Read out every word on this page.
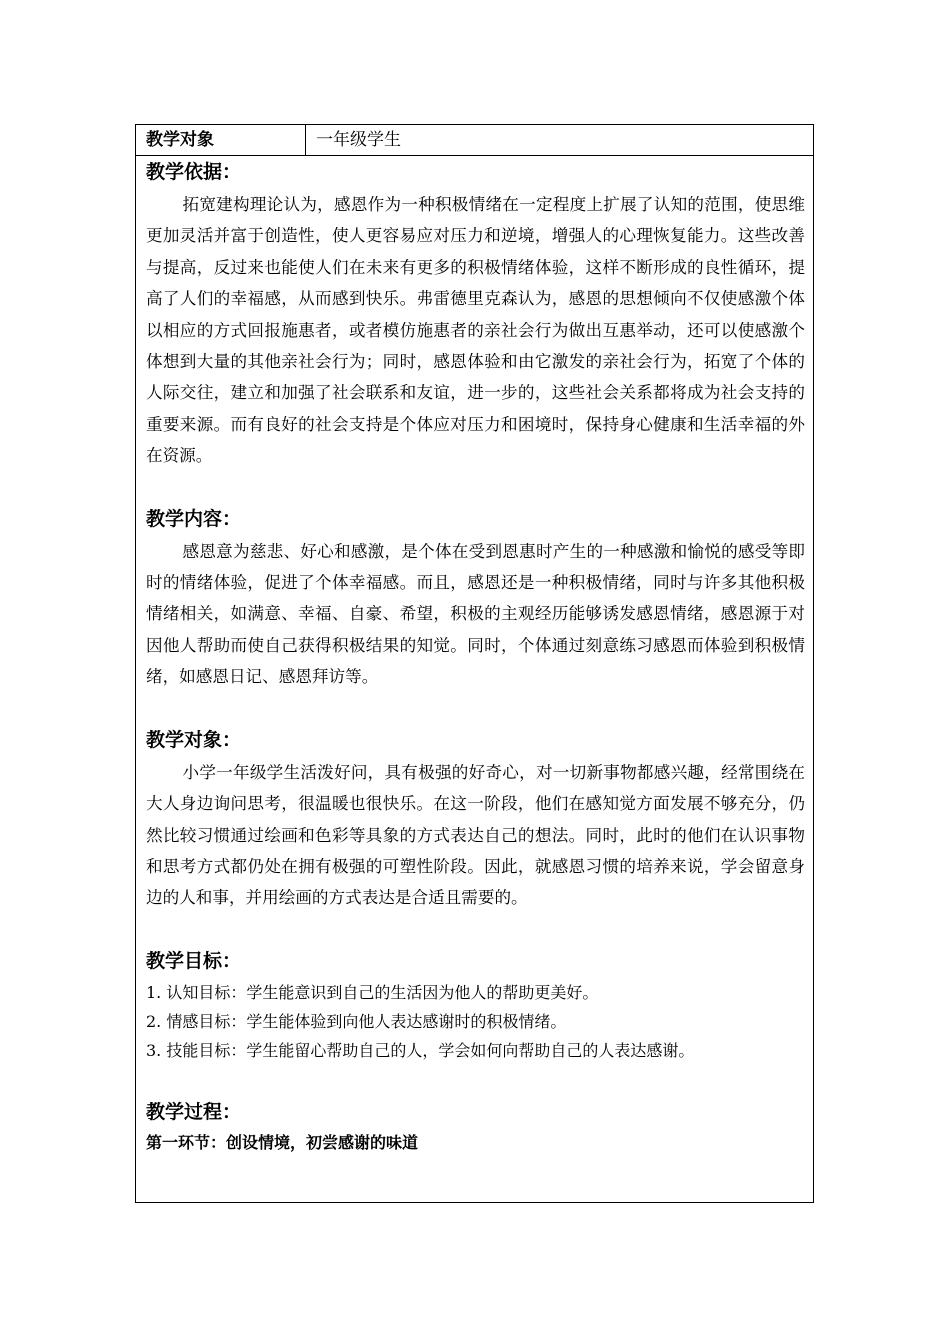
教学对象	一年级学生
教学依据：

拓宽建构理论认为，感恩作为一种积极情绪在一定程度上扩展了认知的范围，使思维更加灵活并富于创造性，使人更容易应对压力和逆境，增强人的心理恢复能力。这些改善与提高，反过来也能使人们在未来有更多的积极情绪体验，这样不断形成的良性循环，提高了人们的幸福感，从而感到快乐。弗雷德里克森认为，感恩的思想倾向不仅使感激个体以相应的方式回报施惠者，或者模仿施惠者的亲社会行为做出互惠举动，还可以使感激个体想到大量的其他亲社会行为；同时，感恩体验和由它激发的亲社会行为，拓宽了个体的人际交往，建立和加强了社会联系和友谊，进一步的，这些社会关系都将成为社会支持的重要来源。而有良好的社会支持是个体应对压力和困境时，保持身心健康和生活幸福的外在资源。

教学内容：

感恩意为慈悲、好心和感激，是个体在受到恩惠时产生的一种感激和愉悦的感受等即时的情绪体验，促进了个体幸福感。而且，感恩还是一种积极情绪，同时与许多其他积极情绪相关，如满意、幸福、自豪、希望，积极的主观经历能够诱发感恩情绪，感恩源于对因他人帮助而使自己获得积极结果的知觉。同时，个体通过刻意练习感恩而体验到积极情绪，如感恩日记、感恩拜访等。

教学对象：

小学一年级学生活泼好问，具有极强的好奇心，对一切新事物都感兴趣，经常围绕在大人身边询问思考，很温暖也很快乐。在这一阶段，他们在感知觉方面发展不够充分，仍然比较习惯通过绘画和色彩等具象的方式表达自己的想法。同时，此时的他们在认识事物和思考方式都仍处在拥有极强的可塑性阶段。因此，就感恩习惯的培养来说，学会留意身边的人和事，并用绘画的方式表达是合适且需要的。

教学目标：
1. 认知目标：学生能意识到自己的生活因为他人的帮助更美好。
2. 情感目标：学生能体验到向他人表达感谢时的积极情绪。
3. 技能目标：学生能留心帮助自己的人，学会如何向帮助自己的人表达感谢。
教学过程：
第一环节：创设情境，初尝感谢的味道
